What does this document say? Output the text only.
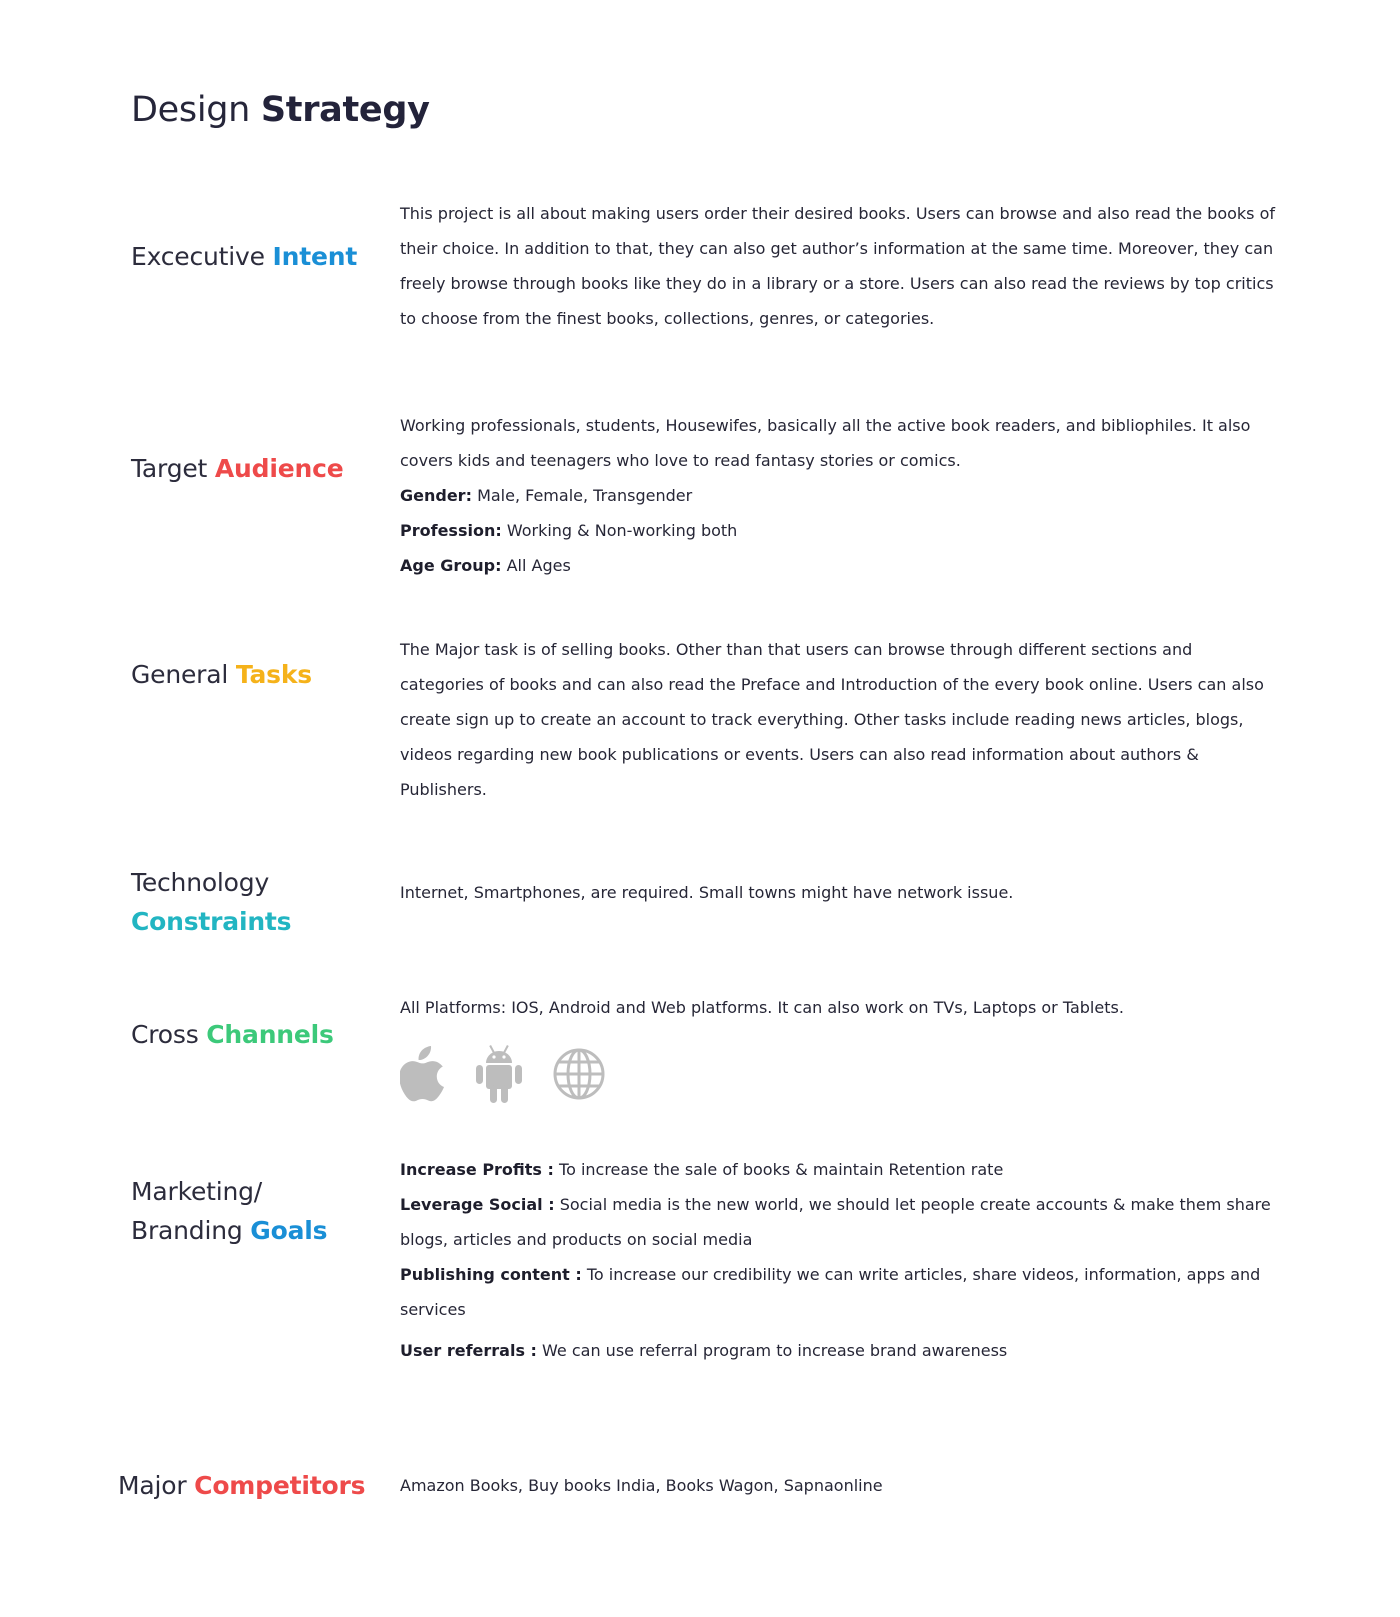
Design Strategy
Excecutive Intent

This project is all about making users order their desired books. Users can browse and also read the books of their choice. In addition to that, they can also get author’s information at the same time. Moreover, they can freely browse through books like they do in a library or a store. Users can also read the reviews by top critics to choose from the finest books, collections, genres, or categories.

Target Audience

Working professionals, students, Housewifes, basically all the active book readers, and bibliophiles. It also covers kids and teenagers who love to read fantasy stories or comics.

Gender: Male, Female, Transgender

Profession: Working & Non-working both

Age Group: All Ages

General Tasks

The Major task is of selling books. Other than that users can browse through different sections and categories of books and can also read the Preface and Introduction of the every book online. Users can also create sign up to create an account to track everything. Other tasks include reading news articles, blogs, videos regarding new book publications or events. Users can also read information about authors & Publishers.

Technology
Constraints

Internet, Smartphones, are required. Small towns might have network issue.

Cross Channels

All Platforms: IOS, Android and Web platforms. It can also work on TVs, Laptops or Tablets.

Marketing/
Branding Goals

Increase Profits : To increase the sale of books & maintain Retention rate

Leverage Social : Social media is the new world, we should let people create accounts & make them share blogs, articles and products on social media

Publishing content : To increase our credibility we can write articles, share videos, information, apps and services

User referrals : We can use referral program to increase brand awareness

Major Competitors Amazon Books, Buy books India, Books Wagon, Sapnaonline
